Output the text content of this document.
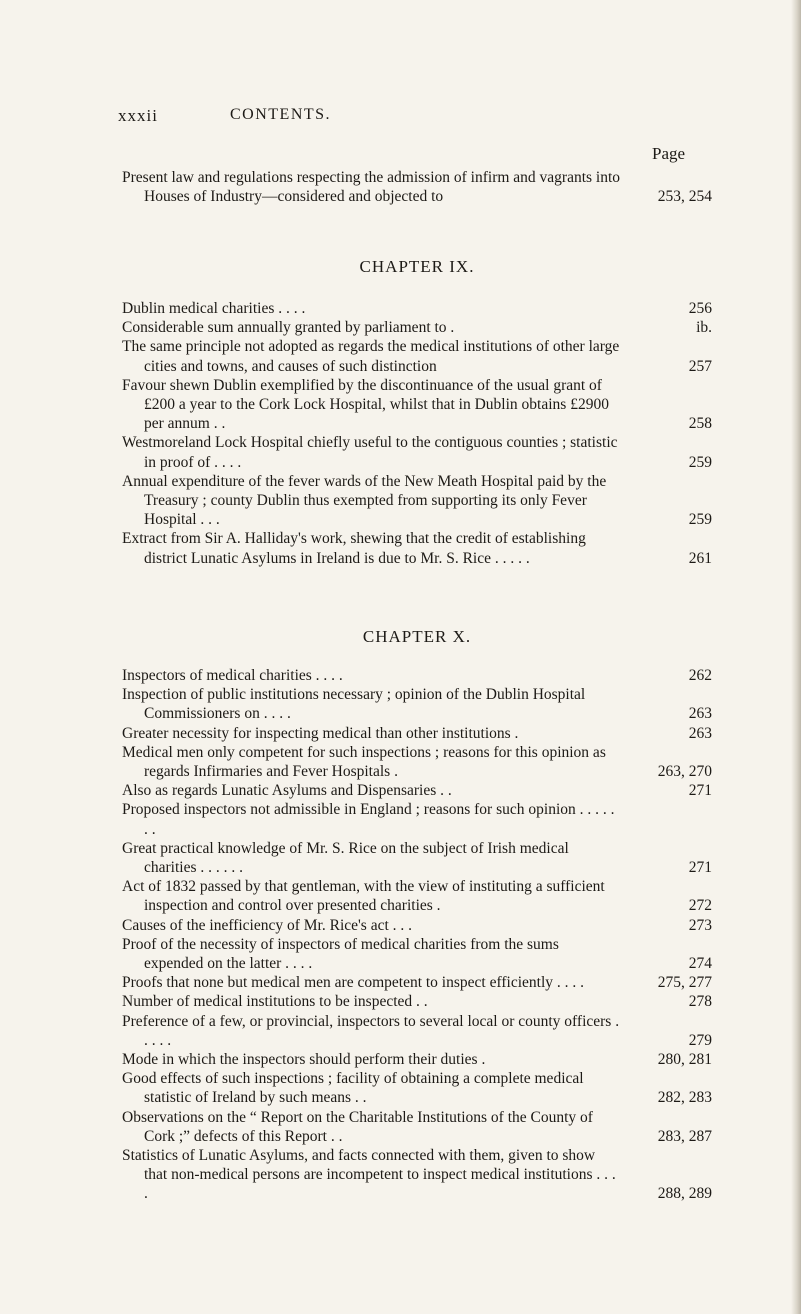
xxxii	CONTENTS.
Page
Present law and regulations respecting the admission of infirm and vagrants into Houses of Industry—considered and objected to	253, 254
CHAPTER IX.
Dublin medical charities . . . .	256
Considerable sum annually granted by parliament to .	ib.
The same principle not adopted as regards the medical institutions of other large cities and towns, and causes of such distinction	257
Favour shewn Dublin exemplified by the discontinuance of the usual grant of £200 a year to the Cork Lock Hospital, whilst that in Dublin obtains £2900 per annum . .	258
Westmoreland Lock Hospital chiefly useful to the contiguous counties ; statistic in proof of . . . .	259
Annual expenditure of the fever wards of the New Meath Hospital paid by the Treasury ; county Dublin thus exempted from supporting its only Fever Hospital . . .	259
Extract from Sir A. Halliday's work, shewing that the credit of establishing district Lunatic Asylums in Ireland is due to Mr. S. Rice . . . . .	261
CHAPTER X.
Inspectors of medical charities . . . .	262
Inspection of public institutions necessary ; opinion of the Dublin Hospital Commissioners on . . . .	263
Greater necessity for inspecting medical than other institutions .	263
Medical men only competent for such inspections ; reasons for this opinion as regards Infirmaries and Fever Hospitals .	263, 270
Also as regards Lunatic Asylums and Dispensaries . .	271
Proposed inspectors not admissible in England ; reasons for such opinion . . . . . . .
Great practical knowledge of Mr. S. Rice on the subject of Irish medical charities . . . . . .	271
Act of 1832 passed by that gentleman, with the view of instituting a sufficient inspection and control over presented charities .	272
Causes of the inefficiency of Mr. Rice's act . . .	273
Proof of the necessity of inspectors of medical charities from the sums expended on the latter . . . .	274
Proofs that none but medical men are competent to inspect efficiently . . . .	275, 277
Number of medical institutions to be inspected . .	278
Preference of a few, or provincial, inspectors to several local or county officers . . . . .	279
Mode in which the inspectors should perform their duties .	280, 281
Good effects of such inspections ; facility of obtaining a complete medical statistic of Ireland by such means . .	282, 283
Observations on the “ Report on the Charitable Institutions of the County of Cork ;” defects of this Report . .	283, 287
Statistics of Lunatic Asylums, and facts connected with them, given to show that non-medical persons are incompetent to inspect medical institutions . . . .	288, 289
